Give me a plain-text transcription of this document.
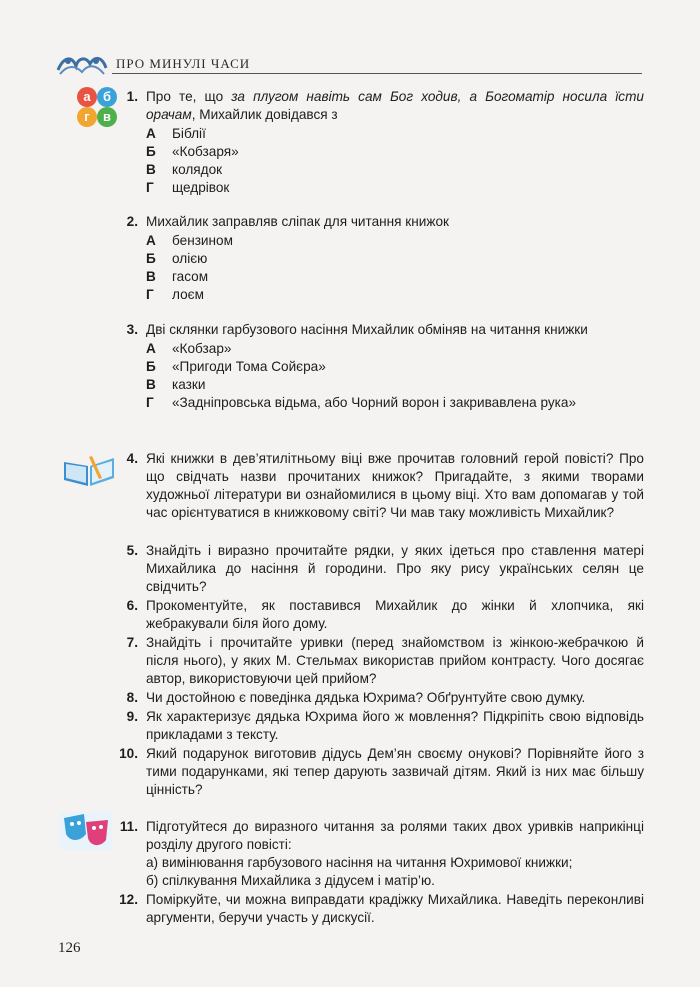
ПРО МИНУЛІ ЧАСИ
а б
г в
1. Про те, що за плугом навіть сам Бог ходив, а Богоматір носила їсти орачам, Михайлик довідався з
А Біблії
Б «Кобзаря»
В колядок
Г щедрівок
2. Михайлик заправляв сліпак для читання книжок
А бензином
Б олією
В гасом
Г лоєм
3. Дві склянки гарбузового насіння Михайлик обміняв на читання книжки
А «Кобзар»
Б «Пригоди Тома Сойєра»
В казки
Г «Задніпровська відьма, або Чорний ворон і закривавлена рука»
4. Які книжки в дев’ятилітньому віці вже прочитав головний герой повісті? Про що свідчать назви прочитаних книжок? Пригадайте, з якими творами художньої літератури ви ознайомилися в цьому віці. Хто вам допомагав у той час орієнтуватися в книжковому світі? Чи мав таку можливість Михайлик?
5. Знайдіть і виразно прочитайте рядки, у яких ідеться про ставлення матері Михайлика до насіння й городини. Про яку рису українських селян це свідчить?
6. Прокоментуйте, як поставився Михайлик до жінки й хлопчика, які жебракували біля його дому.
7. Знайдіть і прочитайте уривки (перед знайомством із жінкою-жебрачкою й після нього), у яких М. Стельмах використав прийом контрасту. Чого досягає автор, використовуючи цей прийом?
8. Чи достойною є поведінка дядька Юхрима? Обґрунтуйте свою думку.
9. Як характеризує дядька Юхрима його ж мовлення? Підкріпіть свою відповідь прикладами з тексту.
10. Який подарунок виготовив дідусь Дем’ян своєму онукові? Порівняйте його з тими подарунками, які тепер дарують зазвичай дітям. Який із них має більшу цінність?
11. Підготуйтеся до виразного читання за ролями таких двох уривків наприкінці розділу другого повісті:
а) вимінювання гарбузового насіння на читання Юхримової книжки;
б) спілкування Михайлика з дідусем і матір’ю.
12. Поміркуйте, чи можна виправдати крадіжку Михайлика. Наведіть переконливі аргументи, беручи участь у дискусії.
126
